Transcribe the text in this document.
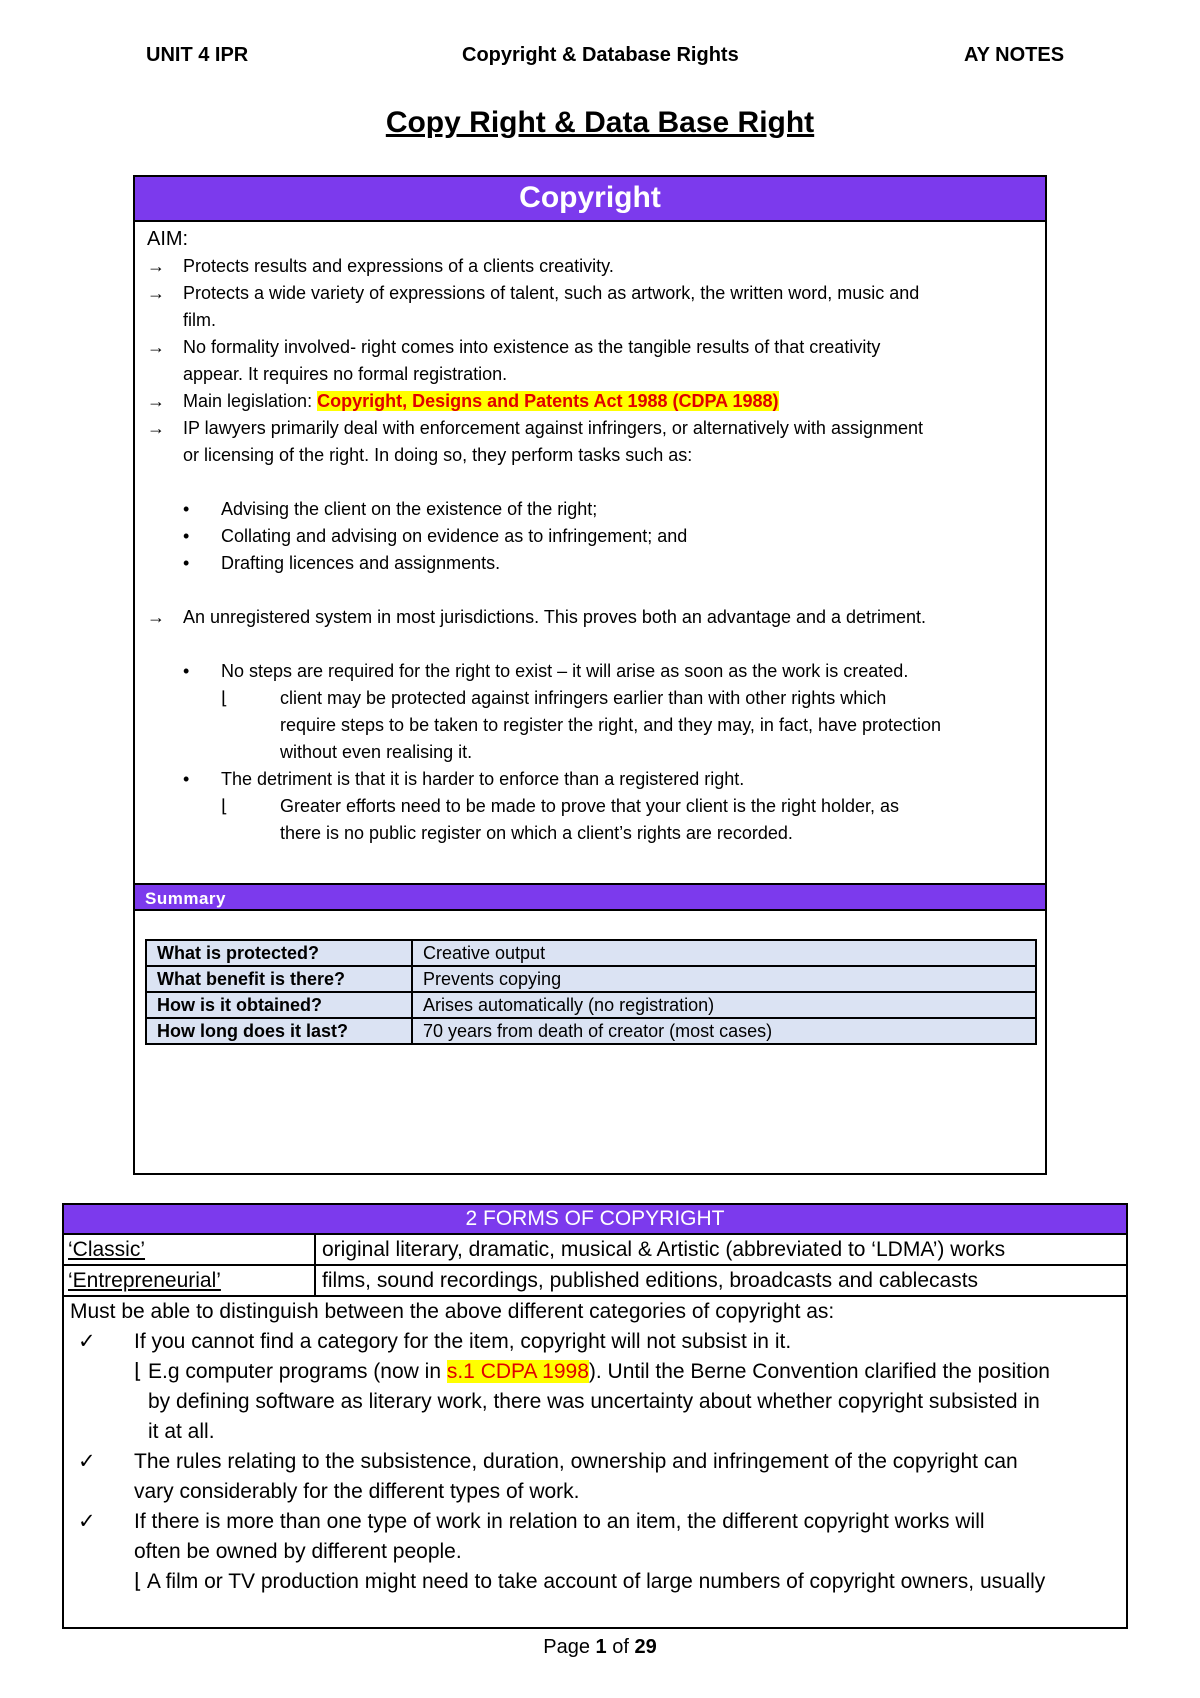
UNIT 4 IPR	Copyright & Database Rights	AY NOTES
Copy Right & Data Base Right
Copyright
AIM:
→ Protects results and expressions of a clients creativity.
→ Protects a wide variety of expressions of talent, such as artwork, the written word, music and
film.
→ No formality involved- right comes into existence as the tangible results of that creativity
appear. It requires no formal registration.
→ Main legislation: Copyright, Designs and Patents Act 1988 (CDPA 1988)
→ IP lawyers primarily deal with enforcement against infringers, or alternatively with assignment
or licensing of the right. In doing so, they perform tasks such as:
• Advising the client on the existence of the right;
• Collating and advising on evidence as to infringement; and
• Drafting licences and assignments.
→ An unregistered system in most jurisdictions. This proves both an advantage and a detriment.
• No steps are required for the right to exist – it will arise as soon as the work is created.
⌊	client may be protected against infringers earlier than with other rights which
require steps to be taken to register the right, and they may, in fact, have protection
without even realising it.
• The detriment is that it is harder to enforce than a registered right.
⌊	Greater efforts need to be made to prove that your client is the right holder, as
there is no public register on which a client’s rights are recorded.
Summary
What is protected?	Creative output
What benefit is there?	Prevents copying
How is it obtained?	Arises automatically (no registration)
How long does it last?	70 years from death of creator (most cases)
2 FORMS OF COPYRIGHT
‘Classic’	original literary, dramatic, musical & Artistic (abbreviated to ‘LDMA’) works
‘Entrepreneurial’	films, sound recordings, published editions, broadcasts and cablecasts
Must be able to distinguish between the above different categories of copyright as:
✓ If you cannot find a category for the item, copyright will not subsist in it.
⌊ E.g computer programs (now in s.1 CDPA 1998). Until the Berne Convention clarified the position
by defining software as literary work, there was uncertainty about whether copyright subsisted in
it at all.
✓ The rules relating to the subsistence, duration, ownership and infringement of the copyright can
vary considerably for the different types of work.
✓ If there is more than one type of work in relation to an item, the different copyright works will
often be owned by different people.
⌊ A film or TV production might need to take account of large numbers of copyright owners, usually
Page 1 of 29
